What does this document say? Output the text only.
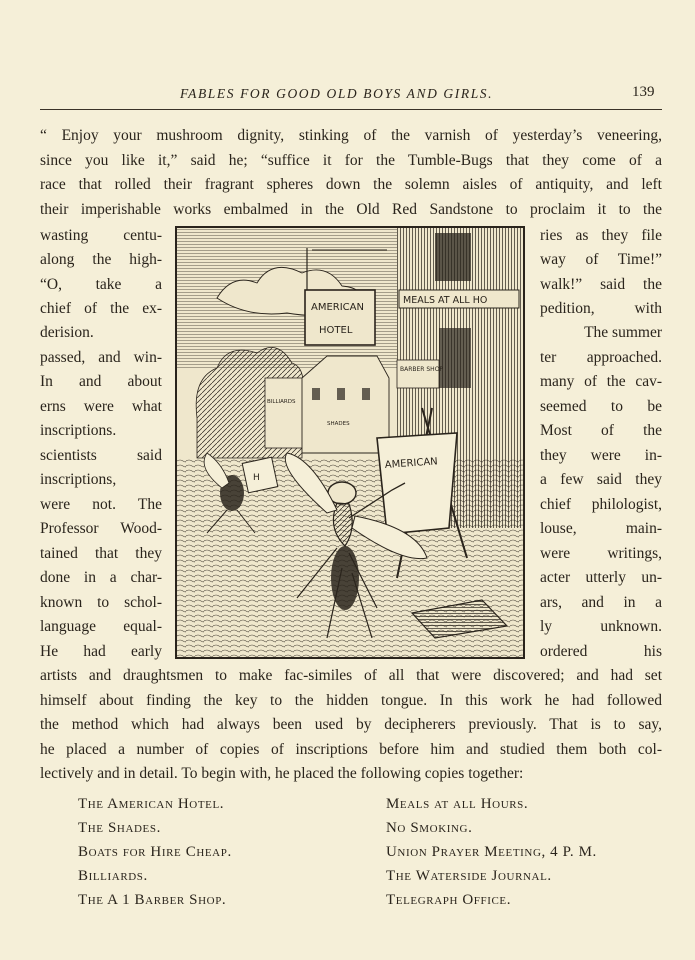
FABLES FOR GOOD OLD BOYS AND GIRLS.	139
“ Enjoy your mushroom dignity, stinking of the varnish of yesterday’s veneering,
since you like it,” said he; “suffice it for the Tumble-Bugs that they come of a
race that rolled their fragrant spheres down the solemn aisles of antiquity, and left
their imperishable works embalmed in the Old Red Sandstone to proclaim it to the
wasting centu-
along the high-
“O, take a
chief of the ex-
derision.
passed, and win-
In and about
erns were what
inscriptions.
scientists said
inscriptions,
were not. The
Professor Wood-
tained that they
done in a char-
known to schol-
language equal-
He had early
ries as they file
way of Time!”
walk!” said the
pedition, with
The summer
ter approached.
many of the cav-
seemed to be
Most of the
they were in-
a few said they
chief philologist,
louse, main-
were writings,
acter utterly un-
ars, and in a
ly unknown.
ordered his
MEALS AT ALL HO
BARBER SHOP
AMERICAN
HOTEL
BILLIARDS
SHADES
AMERICAN
H
artists and draughtsmen to make fac-similes of all that were discovered; and had set
himself about finding the key to the hidden tongue. In this work he had followed
the method which had always been used by decipherers previously. That is to say,
he placed a number of copies of inscriptions before him and studied them both col-
lectively and in detail. To begin with, he placed the following copies together:
The American Hotel.
The Shades.
Boats for Hire Cheap.
Billiards.
The A 1 Barber Shop.
Meals at all Hours.
No Smoking.
Union Prayer Meeting, 4 P. M.
The Waterside Journal.
Telegraph Office.
